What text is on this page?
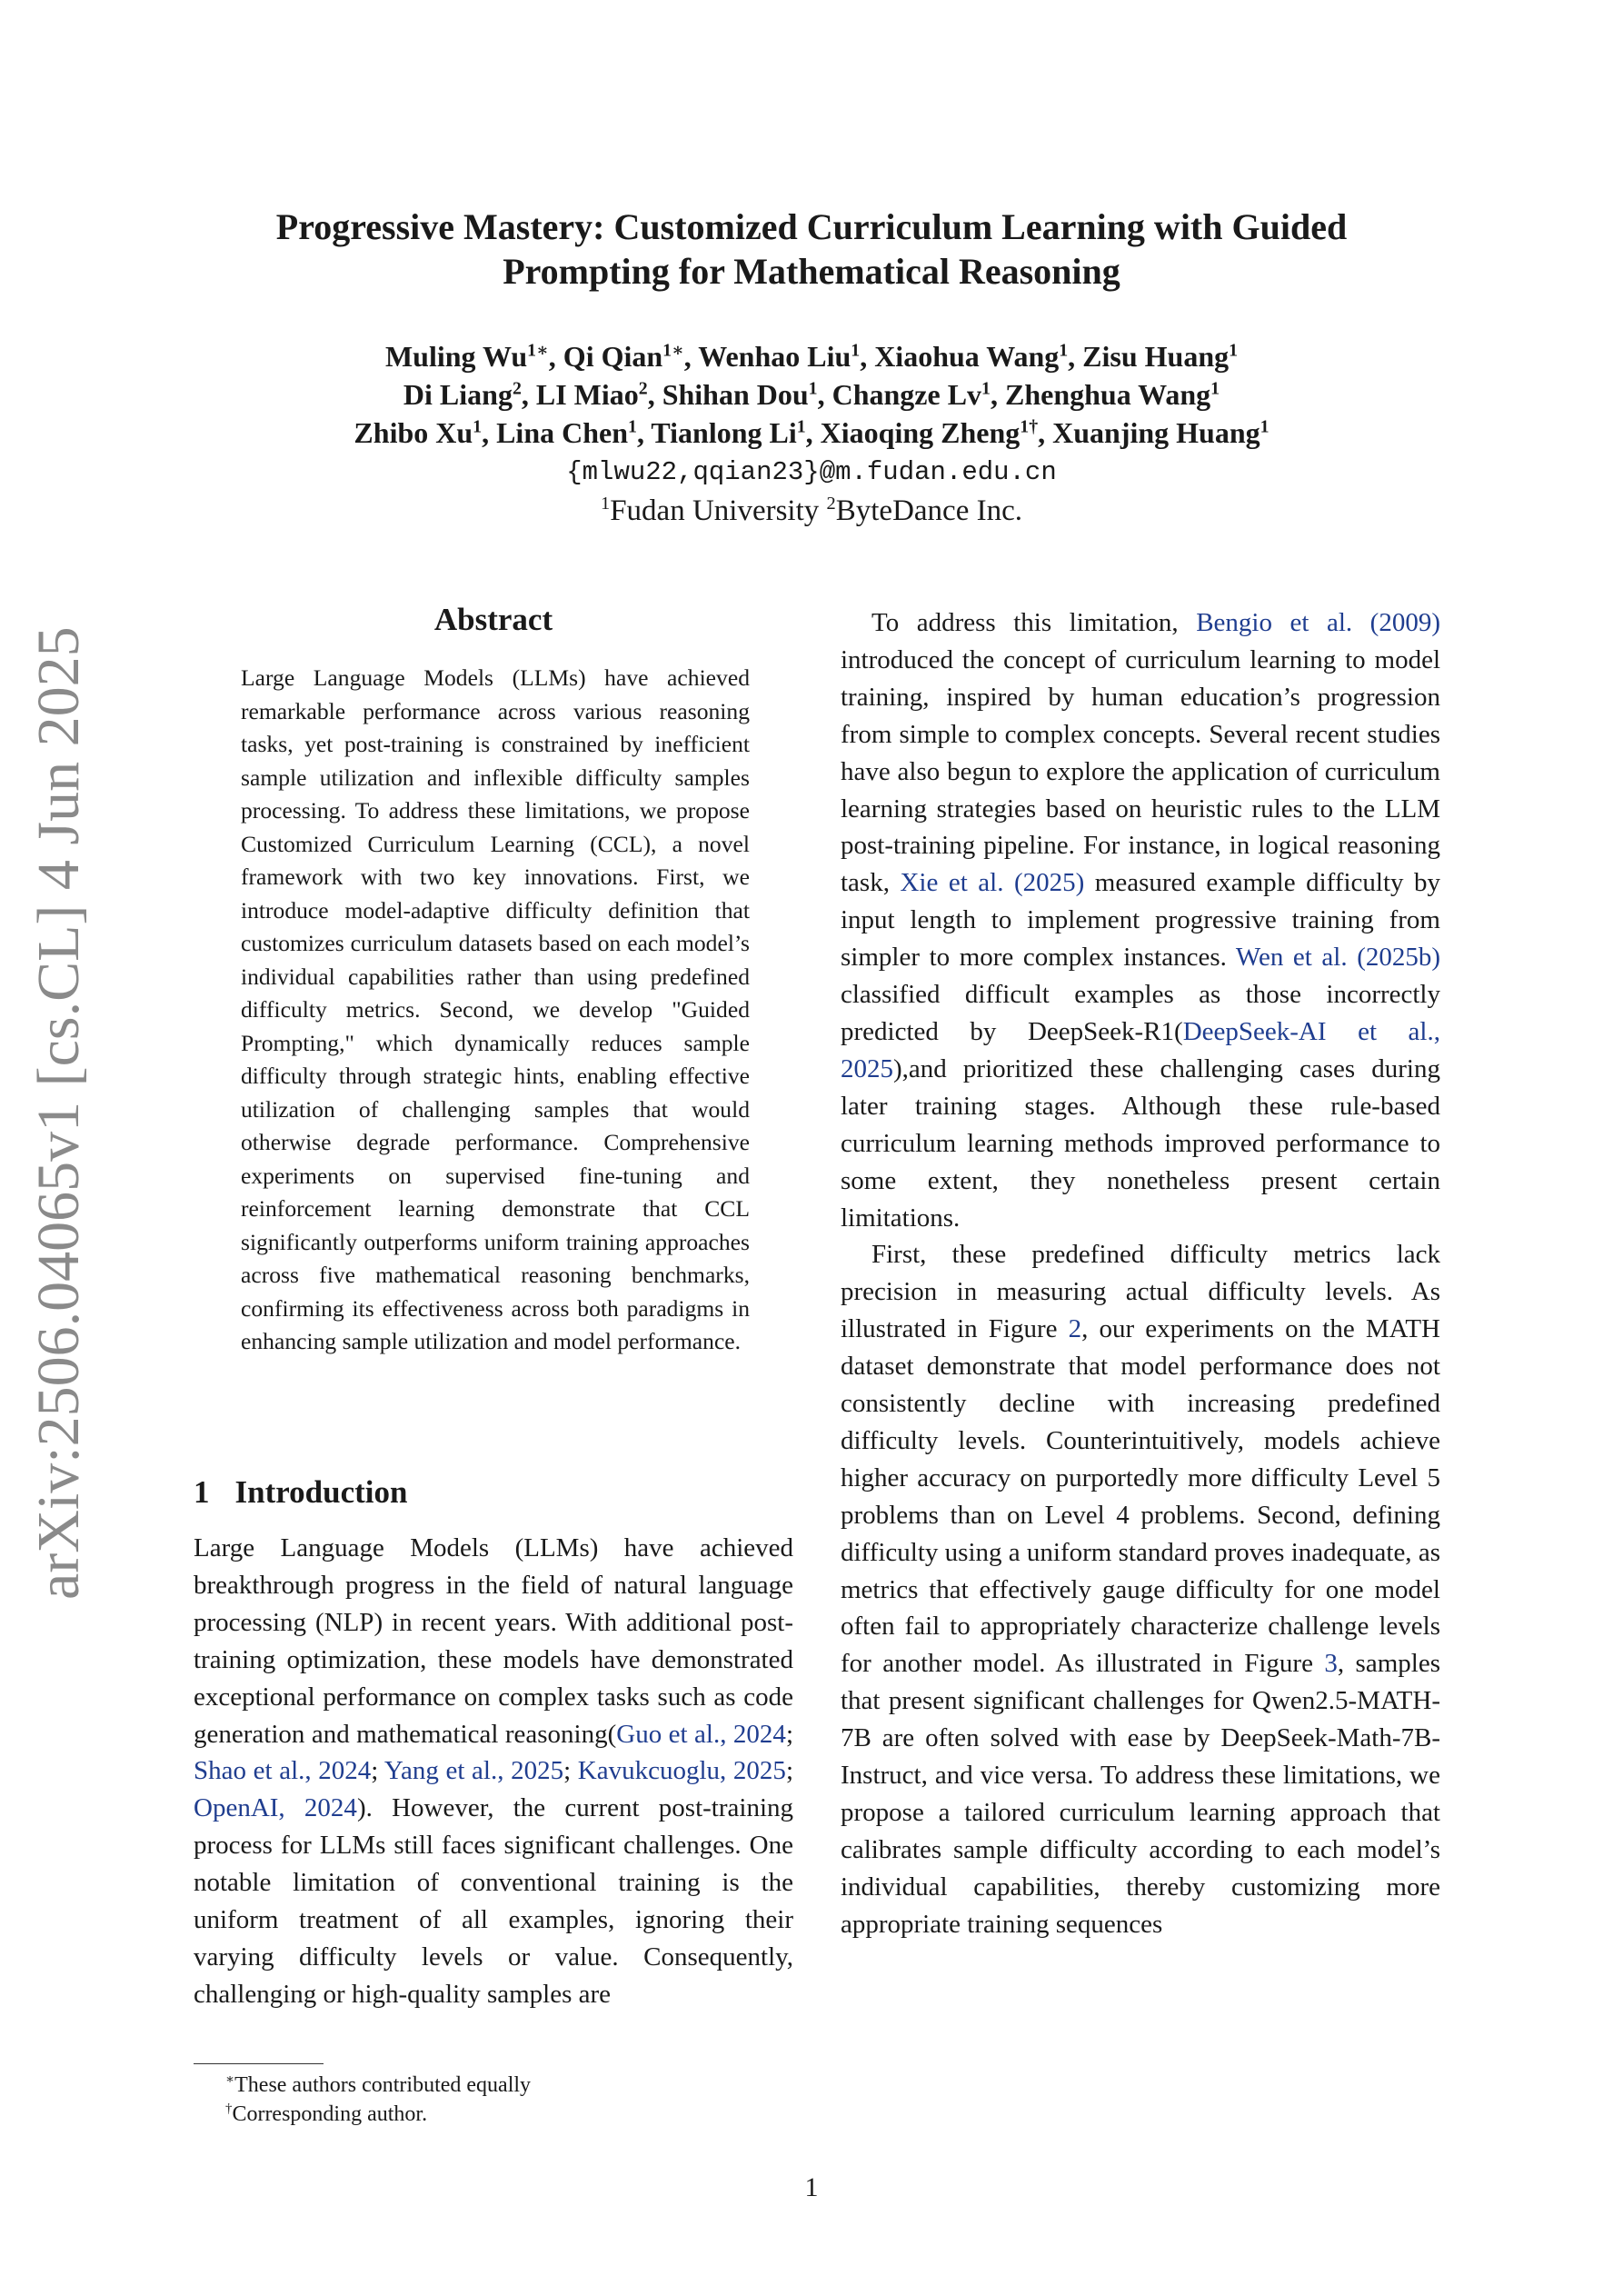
arXiv:2506.04065v1 [cs.CL] 4 Jun 2025
Progressive Mastery: Customized Curriculum Learning with Guided
Prompting for Mathematical Reasoning
Muling $Wu^{1∗}$, Qi Qian$^{1∗}$, Wenhao Liu$^1$, Xiaohua Wang$^1$, Zisu Huang$^1$
Di Liang$^2$, LI Miao$^2$, Shihan Dou$^1$, Changze Lv$^1$, Zhenghua Wang$^1$
Zhibo Xu$^1$, Lina Chen$^1$, Tianlong Li$^1$, Xiaoqing Zheng$^{1\dagger}$, Xuanjing Huang$^1$
{mlwu22,qqian23}@m.fudan.edu.cn
$^1$Fudan University $^2$ByteDance Inc.
Abstract
Large Language Models (LLMs) have achieved remarkable performance across various reasoning tasks, yet post-training is constrained by inefficient sample utilization and inflexible difficulty samples processing. To address these limitations, we propose Customized Curriculum Learning (CCL), a novel framework with two key innovations. First, we introduce model-adaptive difficulty definition that customizes curriculum datasets based on each model’s individual capabilities rather than using predefined difficulty metrics. Second, we develop "Guided Prompting," which dynamically reduces sample difficulty through strategic hints, enabling effective utilization of challenging samples that would otherwise degrade performance. Comprehensive experiments on supervised fine-tuning and reinforcement learning demonstrate that CCL significantly outperforms uniform training approaches across five mathematical reasoning benchmarks, confirming its effectiveness across both paradigms in enhancing sample utilization and model performance.
1 Introduction

Large Language Models (LLMs) have achieved breakthrough progress in the field of natural language processing (NLP) in recent years. With additional post-training optimization, these models have demonstrated exceptional performance on complex tasks such as code generation and mathematical reasoning(Guo et al., 2024; Shao et al., 2024; Yang et al., 2025; Kavukcuoglu, 2025; OpenAI, 2024). However, the current post-training process for LLMs still faces significant challenges. One notable limitation of conventional training is the uniform treatment of all examples, ignoring their varying difficulty levels or value. Consequently, challenging or high-quality samples are

To address this limitation, Bengio et al. (2009) introduced the concept of curriculum learning to model training, inspired by human education’s progression from simple to complex concepts. Several recent studies have also begun to explore the application of curriculum learning strategies based on heuristic rules to the LLM post-training pipeline. For instance, in logical reasoning task, Xie et al. (2025) measured example difficulty by input length to implement progressive training from simpler to more complex instances. Wen et al. (2025b) classified difficult examples as those incorrectly predicted by DeepSeek-R1(DeepSeek-AI et al., 2025),and prioritized these challenging cases during later training stages. Although these rule-based curriculum learning methods improved performance to some extent, they nonetheless present certain limitations.

First, these predefined difficulty metrics lack precision in measuring actual difficulty levels. As illustrated in Figure 2, our experiments on the MATH dataset demonstrate that model performance does not consistently decline with increasing predefined difficulty levels. Counterintuitively, models achieve higher accuracy on purportedly more difficulty Level 5 problems than on Level 4 problems. Second, defining difficulty using a uniform standard proves inadequate, as metrics that effectively gauge difficulty for one model often fail to appropriately characterize challenge levels for another model. As illustrated in Figure 3, samples that present significant challenges for Qwen2.5-MATH-7B are often solved with ease by DeepSeek-Math-7B-Instruct, and vice versa. To address these limitations, we propose a tailored curriculum learning approach that calibrates sample difficulty according to each model’s individual capabilities, thereby customizing more appropriate training sequences

∗These authors contributed equally
†Corresponding author.
1
